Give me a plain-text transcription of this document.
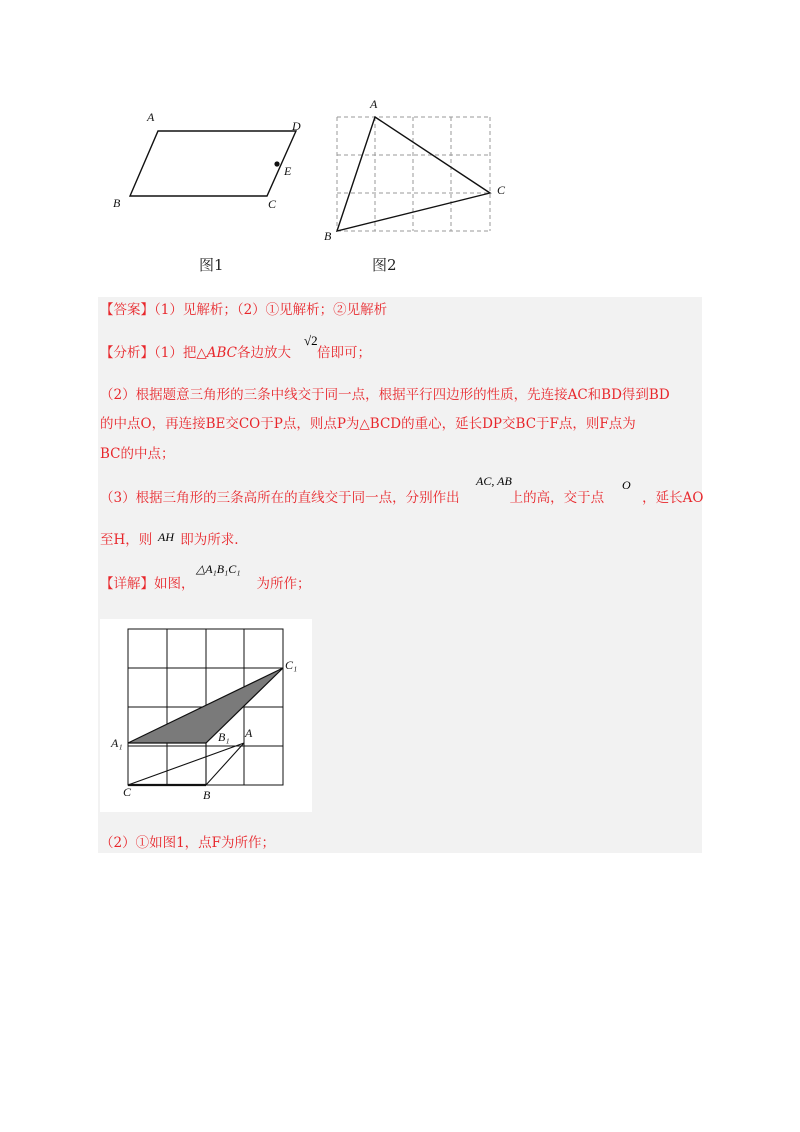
A
D
E
B	C
图1
A
C
B
图2
【答案】（1）见解析；（2）①见解析；②见解析
【分析】（1）把△ABC各边放大 倍即可；
√2
（2）根据题意三角形的三条中线交于同一点，根据平行四边形的性质，先连接AC和BD得到BD
的中点O，再连接BE交CO于P点，则点P为△BCD的重心，延长DP交BC于F点，则F点为
BC的中点；
（3）根据三角形的三条高所在的直线交于同一点，分别作出	上的高，交于点	，延长AO
AC, AB	O
至H，则 即为所求.
AH
【详解】如图，	为所作；
△A₁B₁C₁
C₁
A₁	B₁ A
C	B
（2）①如图1，点F为所作；
